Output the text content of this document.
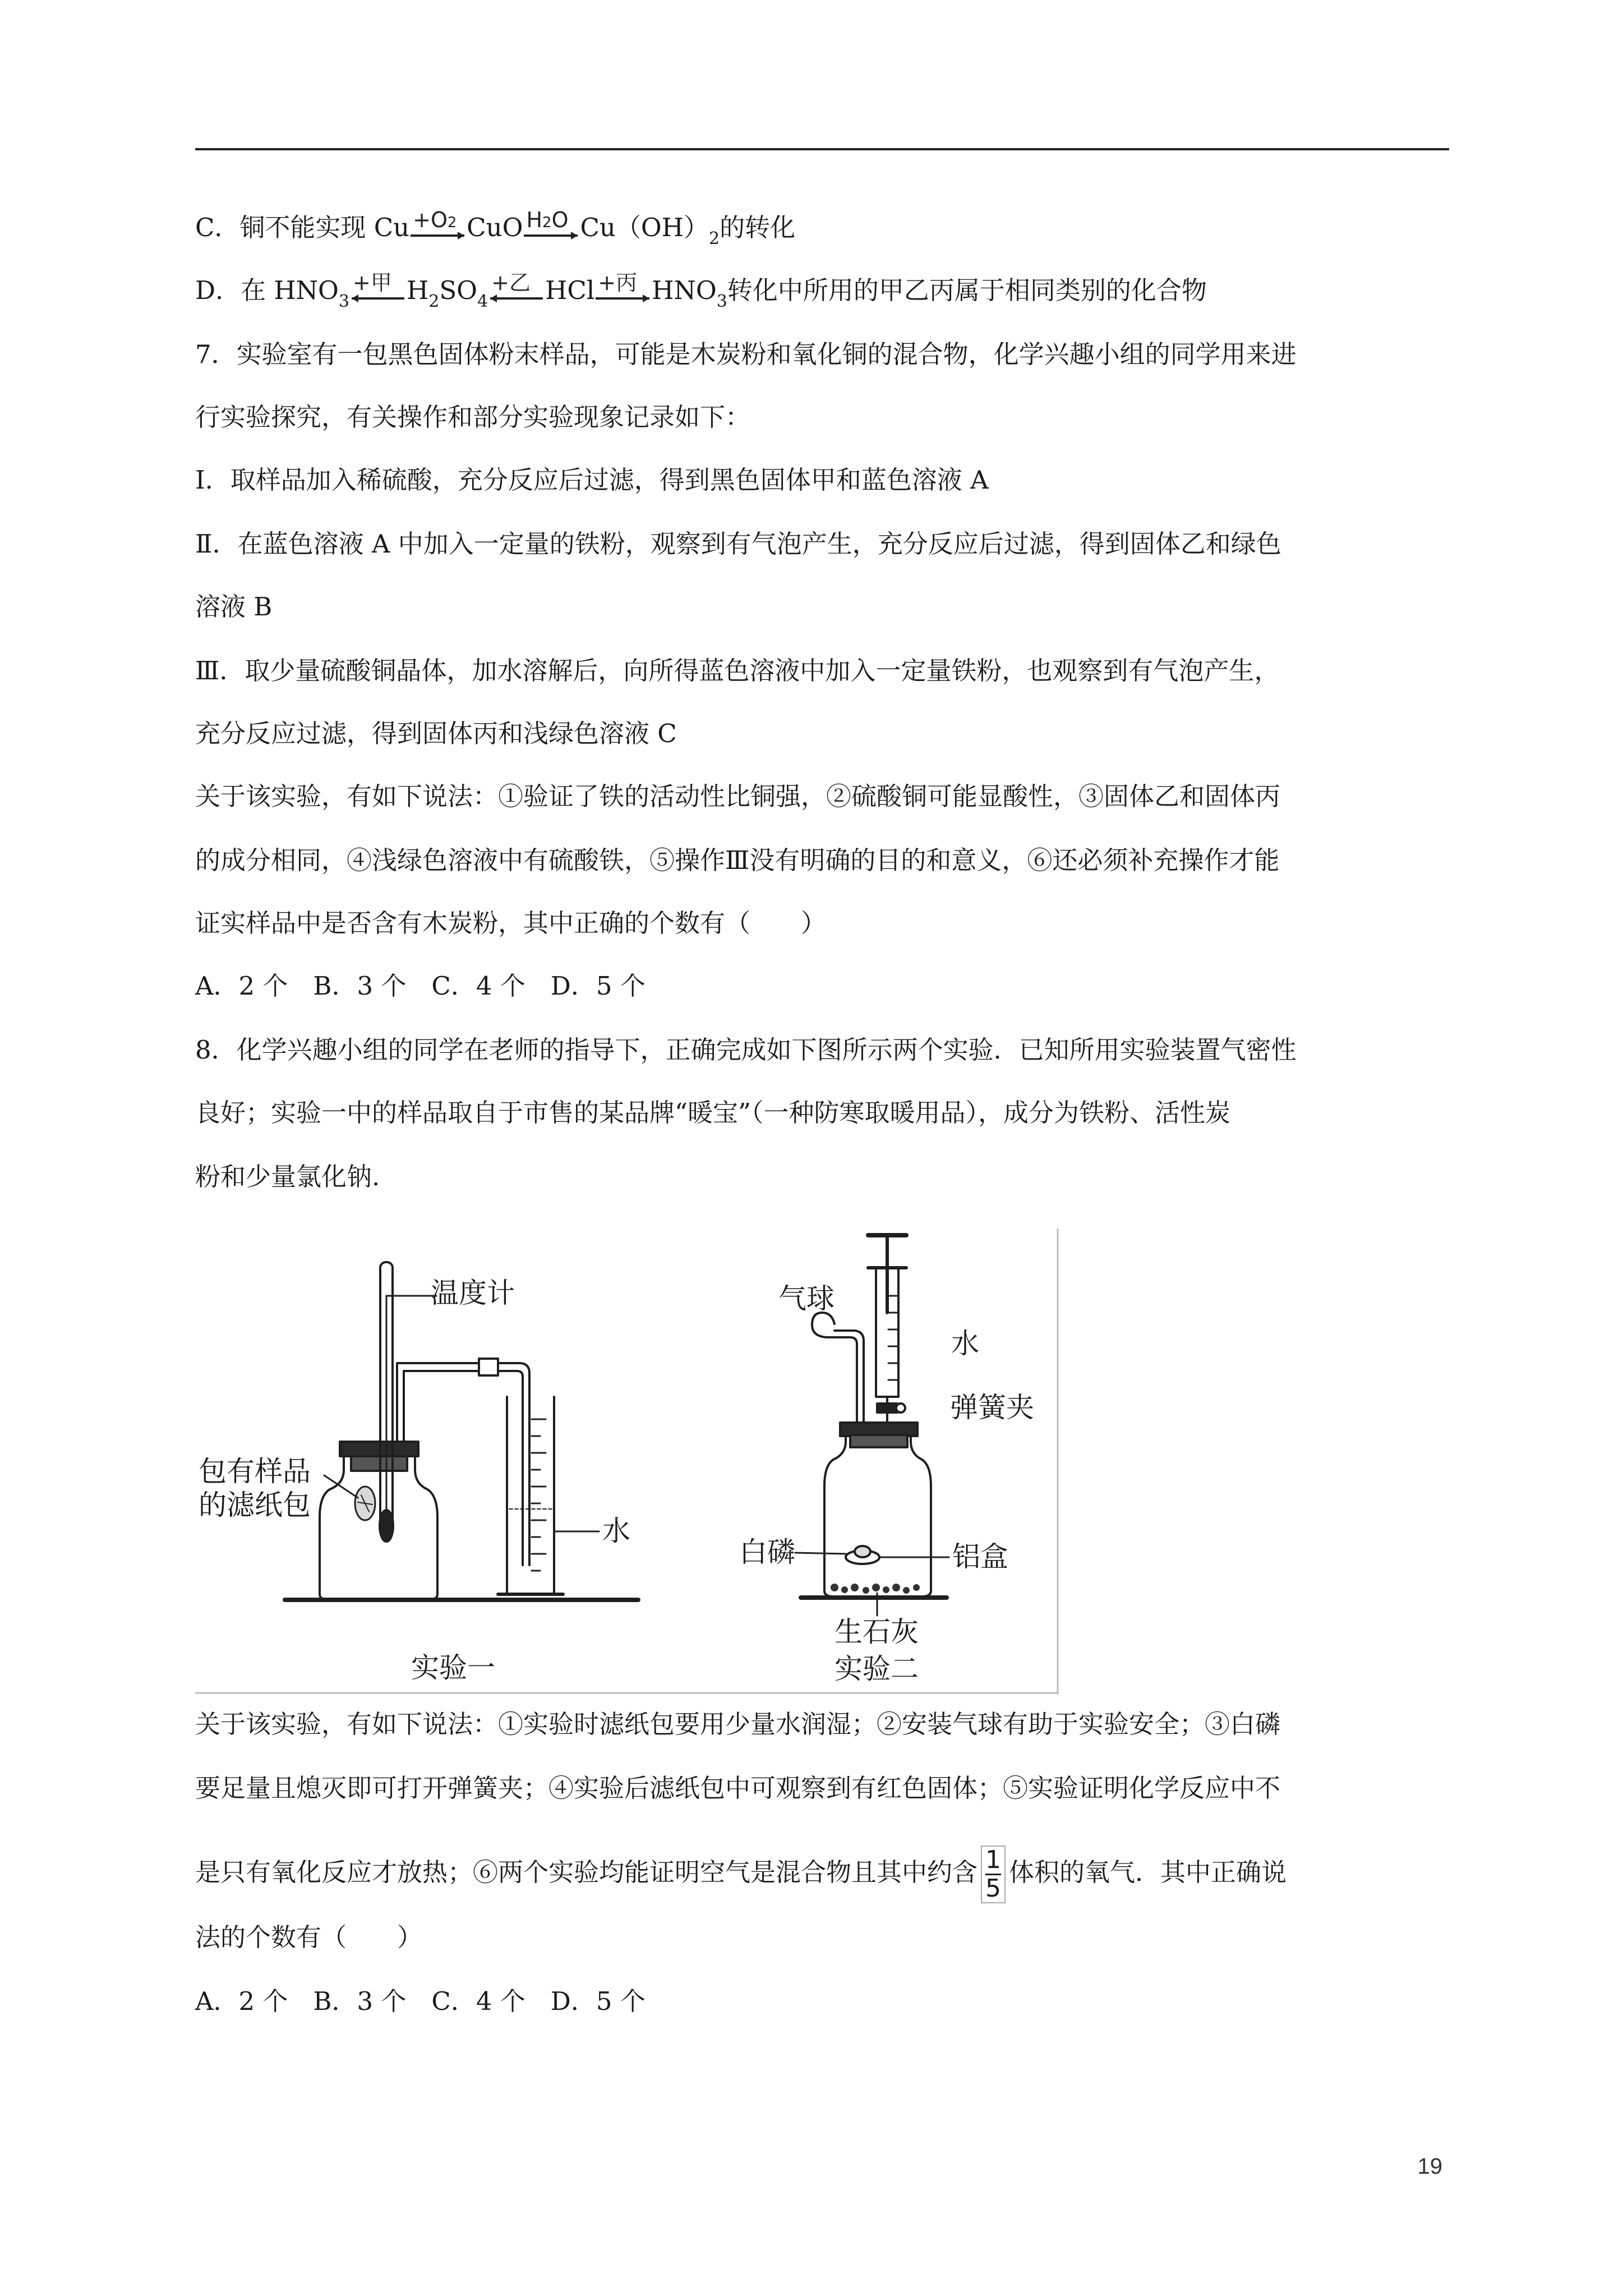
C．铜不能实现 Cu +O2 CuO H2O $Cu(OH)_2$的转化
D．在 $HNO_3$
+甲 $H_2SO_4$
+乙 HCl +丙 $HNO_3$转化中所用的甲乙丙属于相同类别的化合物
7．实验室有一包黑色固体粉末样品，可能是木炭粉和氧化铜的混合物，化学兴趣小组的同学用来进
行实验探究，有关操作和部分实验现象记录如下：
Ⅰ．取样品加入稀硫酸，充分反应后过滤，得到黑色固体甲和蓝色溶液 A
Ⅱ．在蓝色溶液 A 中加入一定量的铁粉，观察到有气泡产生，充分反应后过滤，得到固体乙和绿色
溶液 B
Ⅲ．取少量硫酸铜晶体，加水溶解后，向所得蓝色溶液中加入一定量铁粉，也观察到有气泡产生，
充分反应过滤，得到固体丙和浅绿色溶液 C
关于该实验，有如下说法：①验证了铁的活动性比铜强，②硫酸铜可能显酸性，③固体乙和固体丙
的成分相同，④浅绿色溶液中有硫酸铁，⑤操作Ⅲ没有明确的目的和意义，⑥还必须补充操作才能
证实样品中是否含有木炭粉，其中正确的个数有（　　）
A．2 个　B．3 个　C．4 个　D．5 个
8．化学兴趣小组的同学在老师的指导下，正确完成如下图所示两个实验．已知所用实验装置气密性
良好；实验一中的样品取自于市售的某品牌“暖宝”（一种防寒取暖用品），成分为铁粉、活性炭
粉和少量氯化钠.
温度计
包有样品
的滤纸包
水
实验一
气球
水
弹簧夹
白磷	铝盒
生石灰
实验二
关于该实验，有如下说法：①实验时滤纸包要用少量水润湿；②安装气球有助于实验安全；③白磷
要足量且熄灭即可打开弹簧夹；④实验后滤纸包中可观察到有红色固体；⑤实验证明化学反应中不
是只有氧化反应才放热；⑥两个实验均能证明空气是混合物且其中约含 $\frac{1}{5}$ 体积的氧气．其中正确说
法的个数有（　　）
A．2 个　B．3 个　C．4 个　D．5 个
19
